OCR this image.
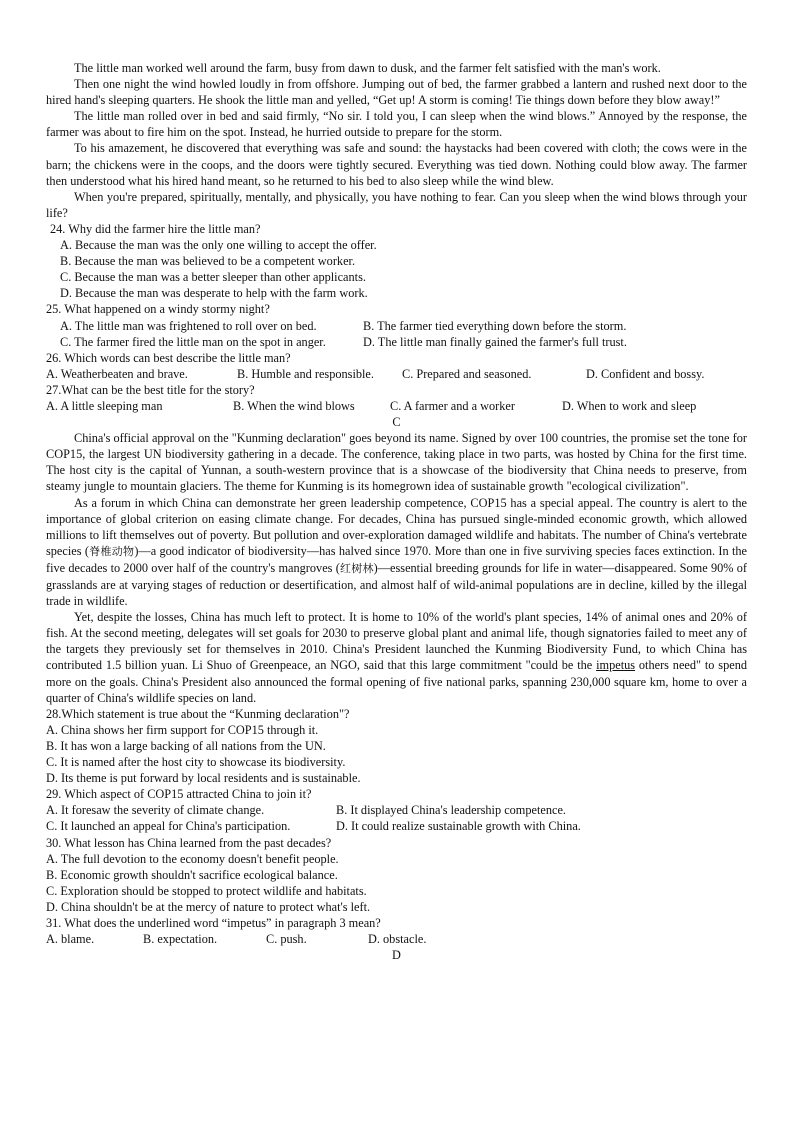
The little man worked well around the farm, busy from dawn to dusk, and the farmer felt satisfied with the man's work.

Then one night the wind howled loudly in from offshore. Jumping out of bed, the farmer grabbed a lantern and rushed next door to the hired hand's sleeping quarters. He shook the little man and yelled, “Get up! A storm is coming! Tie things down before they blow away!”

The little man rolled over in bed and said firmly, “No sir. I told you, I can sleep when the wind blows.” Annoyed by the response, the farmer was about to fire him on the spot. Instead, he hurried outside to prepare for the storm.

To his amazement, he discovered that everything was safe and sound: the haystacks had been covered with cloth; the cows were in the barn; the chickens were in the coops, and the doors were tightly secured. Everything was tied down. Nothing could blow away. The farmer then understood what his hired hand meant, so he returned to his bed to also sleep while the wind blew.

When you're prepared, spiritually, mentally, and physically, you have nothing to fear. Can you sleep when the wind blows through your life?

24. Why did the farmer hire the little man?

A. Because the man was the only one willing to accept the offer.

B. Because the man was believed to be a competent worker.

C. Because the man was a better sleeper than other applicants.

D. Because the man was desperate to help with the farm work.

25. What happened on a windy stormy night?

A. The little man was frightened to roll over on bed.	B. The farmer tied everything down before the storm.
C. The farmer fired the little man on the spot in anger.	D. The little man finally gained the farmer's full trust.

26. Which words can best describe the little man?

A. Weatherbeaten and brave.	B. Humble and responsible.	C. Prepared and seasoned.	D. Confident and bossy.

27.What can be the best title for the story?

A. A little sleeping man	B. When the wind blows	C. A farmer and a worker	D. When to work and sleep

C

China's official approval on the "Kunming declaration" goes beyond its name. Signed by over 100 countries, the promise set the tone for COP15, the largest UN biodiversity gathering in a decade. The conference, taking place in two parts, was hosted by China for the first time. The host city is the capital of Yunnan, a south-western province that is a showcase of the biodiversity that China needs to preserve, from steamy jungle to mountain glaciers. The theme for Kunming is its homegrown idea of sustainable growth "ecological civilization".

As a forum in which China can demonstrate her green leadership competence, COP15 has a special appeal. The country is alert to the importance of global criterion on easing climate change. For decades, China has pursued single-minded economic growth, which allowed millions to lift themselves out of poverty. But pollution and over-exploration damaged wildlife and habitats. The number of China's vertebrate species (脊椎动物)—a good indicator of biodiversity—has halved since 1970. More than one in five surviving species faces extinction. In the five decades to 2000 over half of the country's mangroves (红树林)—essential breeding grounds for life in water—disappeared. Some 90% of grasslands are at varying stages of reduction or desertification, and almost half of wild-animal populations are in decline, killed by the illegal trade in wildlife.

Yet, despite the losses, China has much left to protect. It is home to 10% of the world's plant species, 14% of animal ones and 20% of fish. At the second meeting, delegates will set goals for 2030 to preserve global plant and animal life, though signatories failed to meet any of the targets they previously set for themselves in 2010. China's President launched the Kunming Biodiversity Fund, to which China has contributed 1.5 billion yuan. Li Shuo of Greenpeace, an NGO, said that this large commitment "could be the impetus others need" to spend more on the goals. China's President also announced the formal opening of five national parks, spanning 230,000 square km, home to over a quarter of China's wildlife species on land.

28.Which statement is true about the “Kunming declaration"?

A. China shows her firm support for COP15 through it.

B. It has won a large backing of all nations from the UN.

C. It is named after the host city to showcase its biodiversity.

D. Its theme is put forward by local residents and is sustainable.

29. Which aspect of COP15 attracted China to join it?

A. It foresaw the severity of climate change.	B. It displayed China's leadership competence.
C. It launched an appeal for China's participation.	D. It could realize sustainable growth with China.

30. What lesson has China learned from the past decades?

A. The full devotion to the economy doesn't benefit people.

B. Economic growth shouldn't sacrifice ecological balance.

C. Exploration should be stopped to protect wildlife and habitats.

D. China shouldn't be at the mercy of nature to protect what's left.

31. What does the underlined word “impetus” in paragraph 3 mean?

A. blame.	B. expectation.	C. push.	D. obstacle.

D
